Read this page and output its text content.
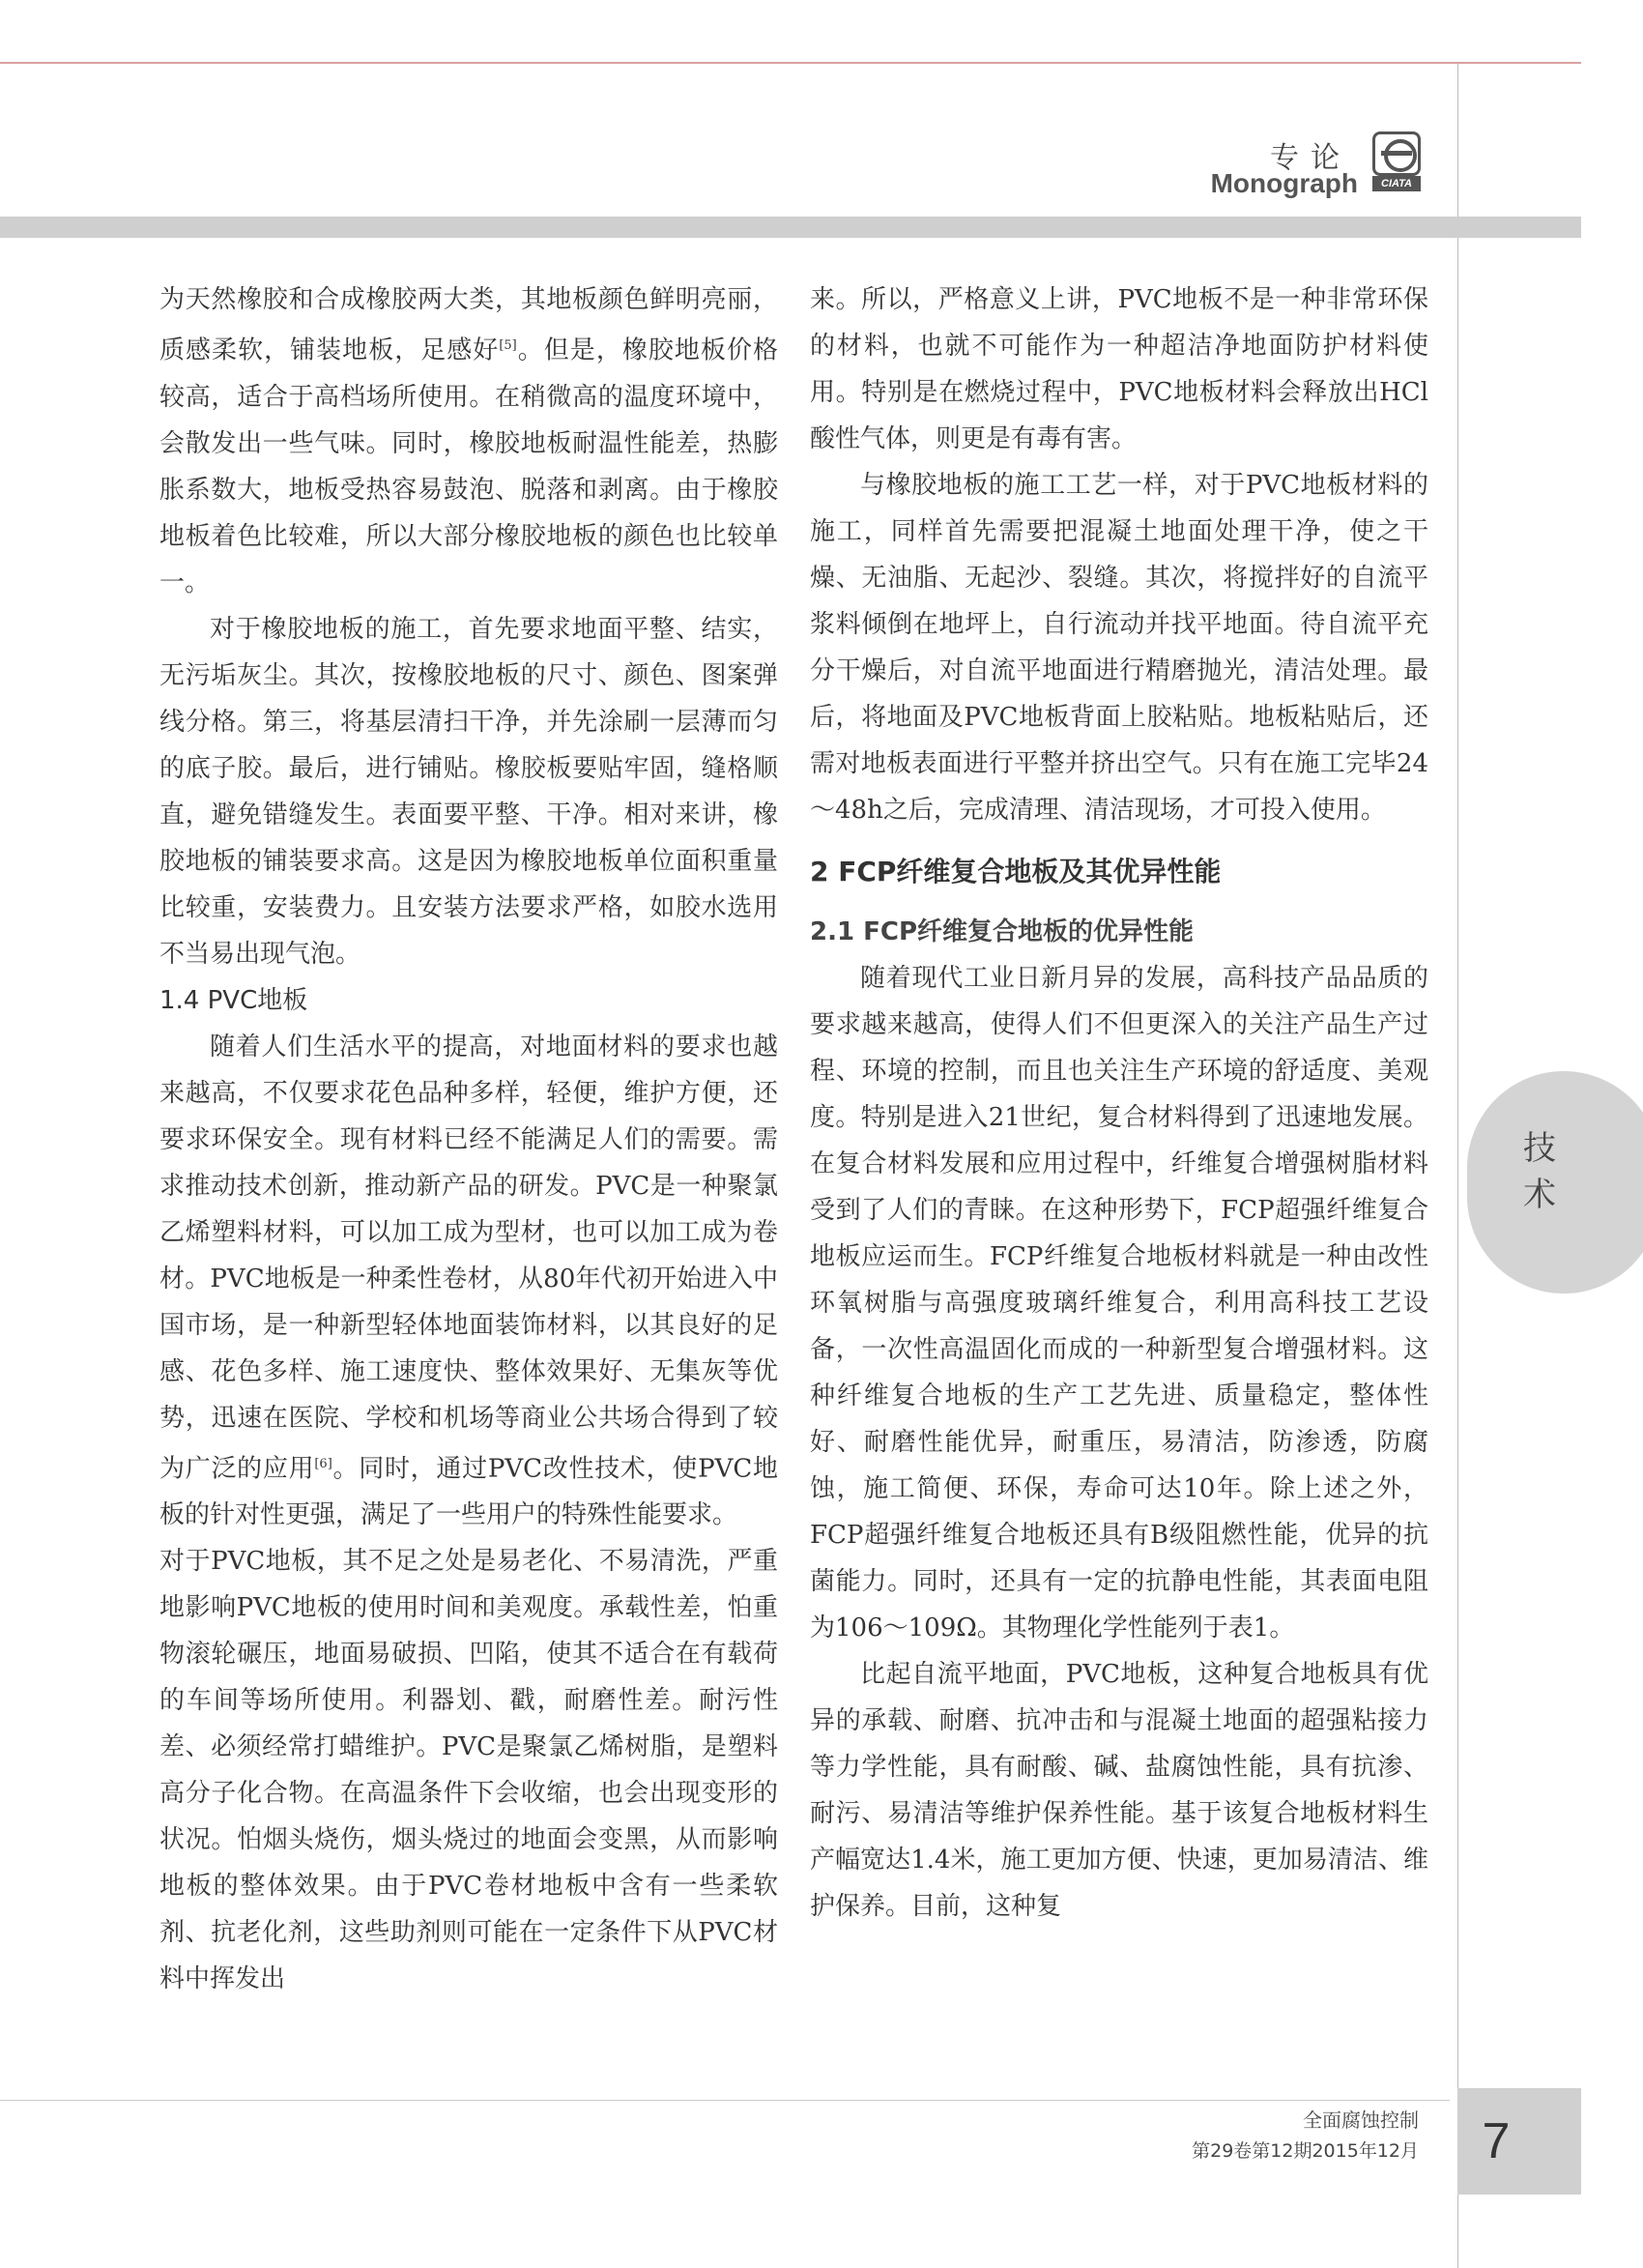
专论
Monograph	CIATA

为天然橡胶和合成橡胶两大类，其地板颜色鲜明亮丽，质感柔软，铺装地板，足感好[5]。但是，橡胶地板价格较高，适合于高档场所使用。在稍微高的温度环境中，会散发出一些气味。同时，橡胶地板耐温性能差，热膨胀系数大，地板受热容易鼓泡、脱落和剥离。由于橡胶地板着色比较难，所以大部分橡胶地板的颜色也比较单一。

对于橡胶地板的施工，首先要求地面平整、结实，无污垢灰尘。其次，按橡胶地板的尺寸、颜色、图案弹线分格。第三，将基层清扫干净，并先涂刷一层薄而匀的底子胶。最后，进行铺贴。橡胶板要贴牢固，缝格顺直，避免错缝发生。表面要平整、干净。相对来讲，橡胶地板的铺装要求高。这是因为橡胶地板单位面积重量比较重，安装费力。且安装方法要求严格，如胶水选用不当易出现气泡。

1.4 PVC地板

随着人们生活水平的提高，对地面材料的要求也越来越高，不仅要求花色品种多样，轻便，维护方便，还要求环保安全。现有材料已经不能满足人们的需要。需求推动技术创新，推动新产品的研发。PVC是一种聚氯乙烯塑料材料，可以加工成为型材，也可以加工成为卷材。PVC地板是一种柔性卷材，从80年代初开始进入中国市场，是一种新型轻体地面装饰材料，以其良好的足感、花色多样、施工速度快、整体效果好、无集灰等优势，迅速在医院、学校和机场等商业公共场合得到了较为广泛的应用[6]。同时，通过PVC改性技术，使PVC地板的针对性更强，满足了一些用户的特殊性能要求。

对于PVC地板，其不足之处是易老化、不易清洗，严重地影响PVC地板的使用时间和美观度。承载性差，怕重物滚轮碾压，地面易破损、凹陷，使其不适合在有载荷的车间等场所使用。利器划、戳，耐磨性差。耐污性差、必须经常打蜡维护。PVC是聚氯乙烯树脂，是塑料高分子化合物。在高温条件下会收缩，也会出现变形的状况。怕烟头烧伤，烟头烧过的地面会变黑，从而影响地板的整体效果。由于PVC卷材地板中含有一些柔软剂、抗老化剂，这些助剂则可能在一定条件下从PVC材料中挥发出

来。所以，严格意义上讲，PVC地板不是一种非常环保的材料，也就不可能作为一种超洁净地面防护材料使用。特别是在燃烧过程中，PVC地板材料会释放出HCl酸性气体，则更是有毒有害。

与橡胶地板的施工工艺一样，对于PVC地板材料的施工，同样首先需要把混凝土地面处理干净，使之干燥、无油脂、无起沙、裂缝。其次，将搅拌好的自流平浆料倾倒在地坪上，自行流动并找平地面。待自流平充分干燥后，对自流平地面进行精磨抛光，清洁处理。最后，将地面及PVC地板背面上胶粘贴。地板粘贴后，还需对地板表面进行平整并挤出空气。只有在施工完毕24～48h之后，完成清理、清洁现场，才可投入使用。

2 FCP纤维复合地板及其优异性能
2.1 FCP纤维复合地板的优异性能

随着现代工业日新月异的发展，高科技产品品质的要求越来越高，使得人们不但更深入的关注产品生产过程、环境的控制，而且也关注生产环境的舒适度、美观度。特别是进入21世纪，复合材料得到了迅速地发展。在复合材料发展和应用过程中，纤维复合增强树脂材料受到了人们的青睐。在这种形势下，FCP超强纤维复合地板应运而生。FCP纤维复合地板材料就是一种由改性环氧树脂与高强度玻璃纤维复合，利用高科技工艺设备，一次性高温固化而成的一种新型复合增强材料。这种纤维复合地板的生产工艺先进、质量稳定，整体性好、耐磨性能优异，耐重压，易清洁，防渗透，防腐蚀，施工简便、环保，寿命可达10年。除上述之外，FCP超强纤维复合地板还具有B级阻燃性能，优异的抗菌能力。同时，还具有一定的抗静电性能，其表面电阻为106～109Ω。其物理化学性能列于表1。

比起自流平地面，PVC地板，这种复合地板具有优异的承载、耐磨、抗冲击和与混凝土地面的超强粘接力等力学性能，具有耐酸、碱、盐腐蚀性能，具有抗渗、耐污、易清洁等维护保养性能。基于该复合地板材料生产幅宽达1.4米，施工更加方便、快速，更加易清洁、维护保养。目前，这种复

技术
全面腐蚀控制
第29卷第12期2015年12月	7
